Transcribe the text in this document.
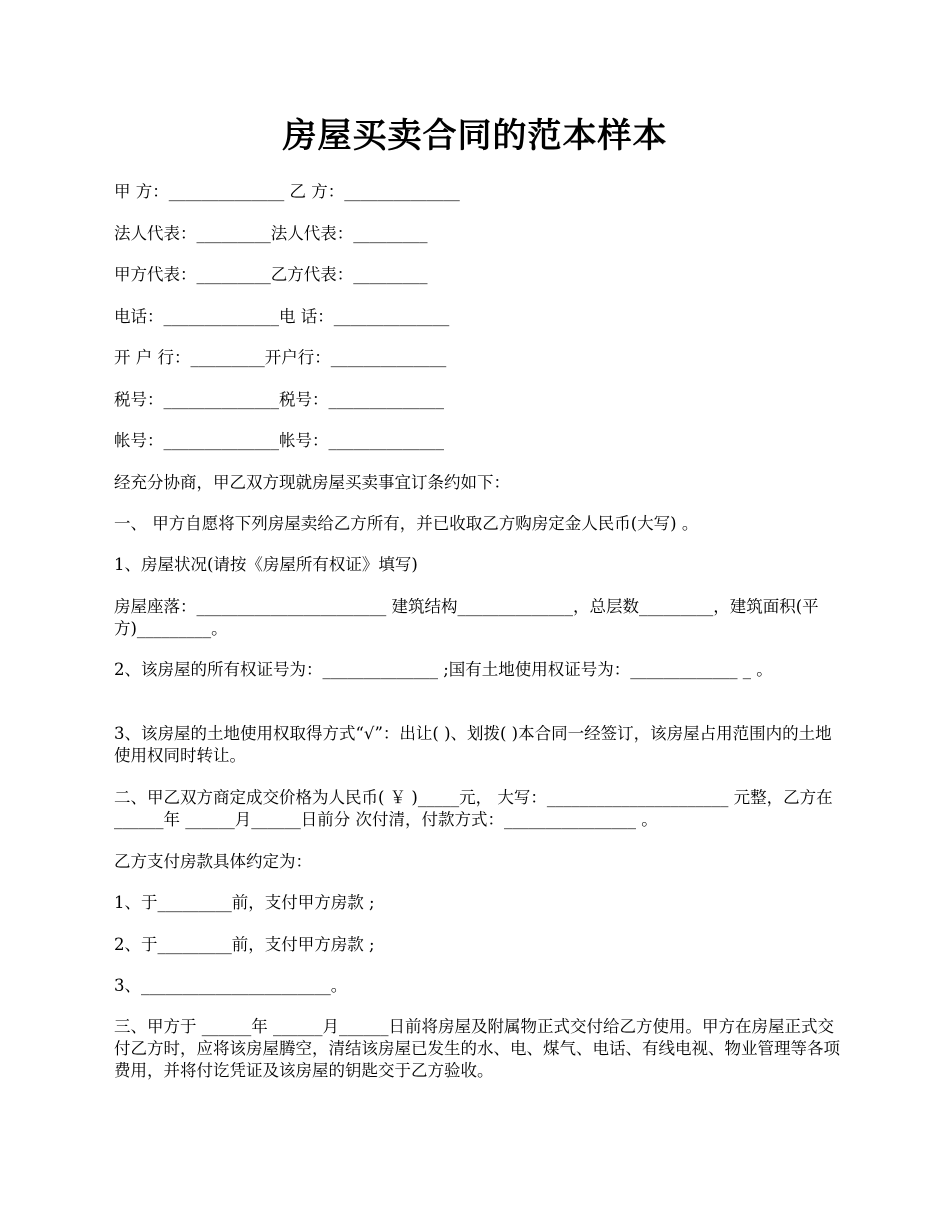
房屋买卖合同的范本样本

甲 方：______________ 乙 方：______________

法人代表：_________法人代表：_________

甲方代表：_________乙方代表：_________

电话：______________电 话：______________

开 户 行：_________开户行：______________

税号：______________税号：______________

帐号：______________帐号：______________

经充分协商，甲乙双方现就房屋买卖事宜订条约如下：

一、 甲方自愿将下列房屋卖给乙方所有，并已收取乙方购房定金人民币(大写) 。

1、房屋状况(请按《房屋所有权证》填写)

房屋座落：_______________________ 建筑结构______________，总层数_________，建筑面积(平方)_________。

2、该房屋的所有权证号为：______________ ;国有土地使用权证号为：_____________ _ 。

3、该房屋的土地使用权取得方式“√”：出让( )、划拨( )本合同一经签订，该房屋占用范围内的土地使用权同时转让。

二、甲乙双方商定成交价格为人民币( ￥ )_____元， 大写：______________________ 元整，乙方在______年 ______月______日前分 次付清，付款方式：________________ 。

乙方支付房款具体约定为：

1、于_________前，支付甲方房款 ;

2、于_________前，支付甲方房款 ;

3、_______________________。

三、甲方于 ______年 ______月______日前将房屋及附属物正式交付给乙方使用。甲方在房屋正式交付乙方时，应将该房屋腾空，清结该房屋已发生的水、电、煤气、电话、有线电视、物业管理等各项费用，并将付讫凭证及该房屋的钥匙交于乙方验收。
